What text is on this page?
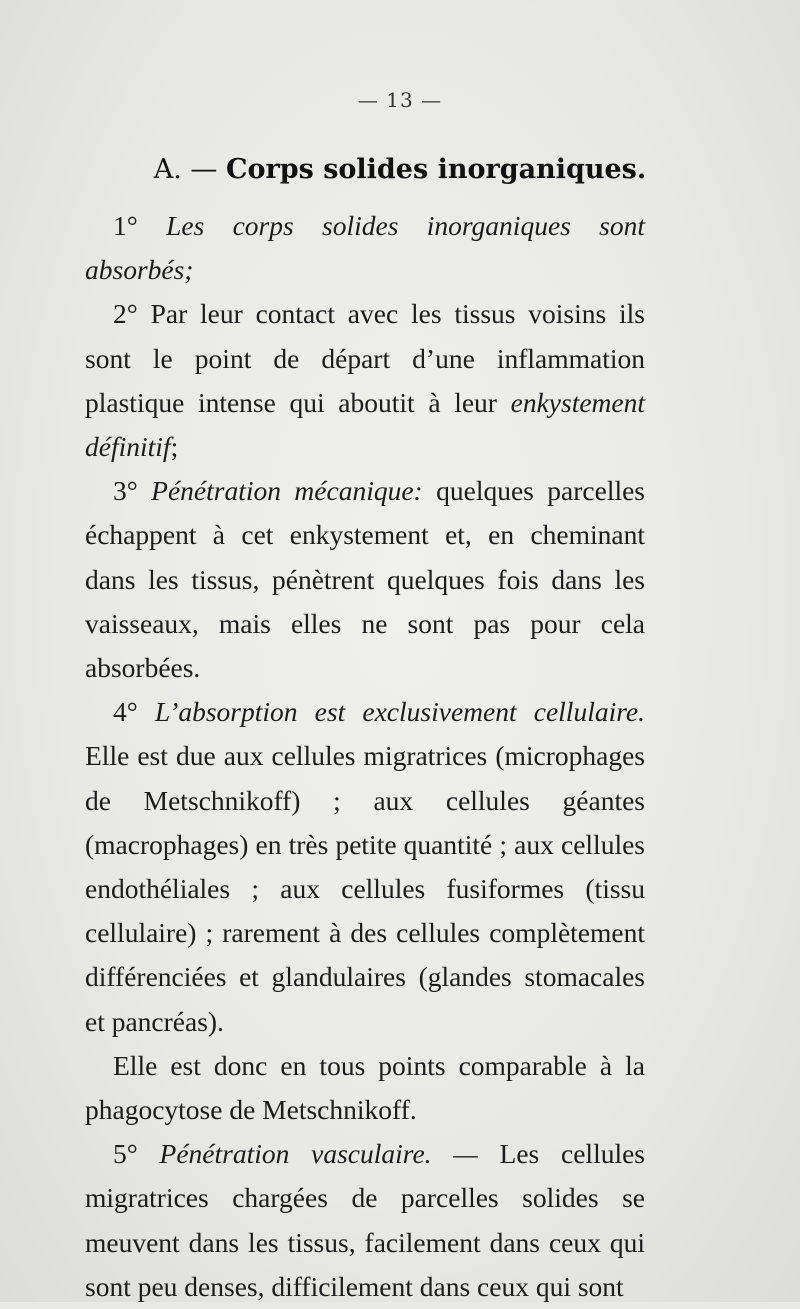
— 13 —
A. — Corps solides inorganiques.

1° Les corps solides inorganiques sont absorbés;

2° Par leur contact avec les tissus voisins ils sont le point de départ d’une inflammation plastique intense qui aboutit à leur enkystement définitif;

3° Pénétration mécanique: quelques parcelles échappent à cet enkystement et, en cheminant dans les tissus, pénètrent quelques fois dans les vaisseaux, mais elles ne sont pas pour cela absorbées.

4° L’absorption est exclusivement cellulaire. Elle est due aux cellules migratrices (microphages de Metschnikoff) ; aux cellules géantes (macrophages) en très petite quantité ; aux cellules endothéliales ; aux cellules fusiformes (tissu cellulaire) ; rarement à des cellules complètement différenciées et glandulaires (glandes stomacales et pancréas).

Elle est donc en tous points comparable à la phagocytose de Metschnikoff.

5° Pénétration vasculaire. — Les cellules migratrices chargées de parcelles solides se meuvent dans les tissus, facilement dans ceux qui sont peu denses, difficilement dans ceux qui sont
